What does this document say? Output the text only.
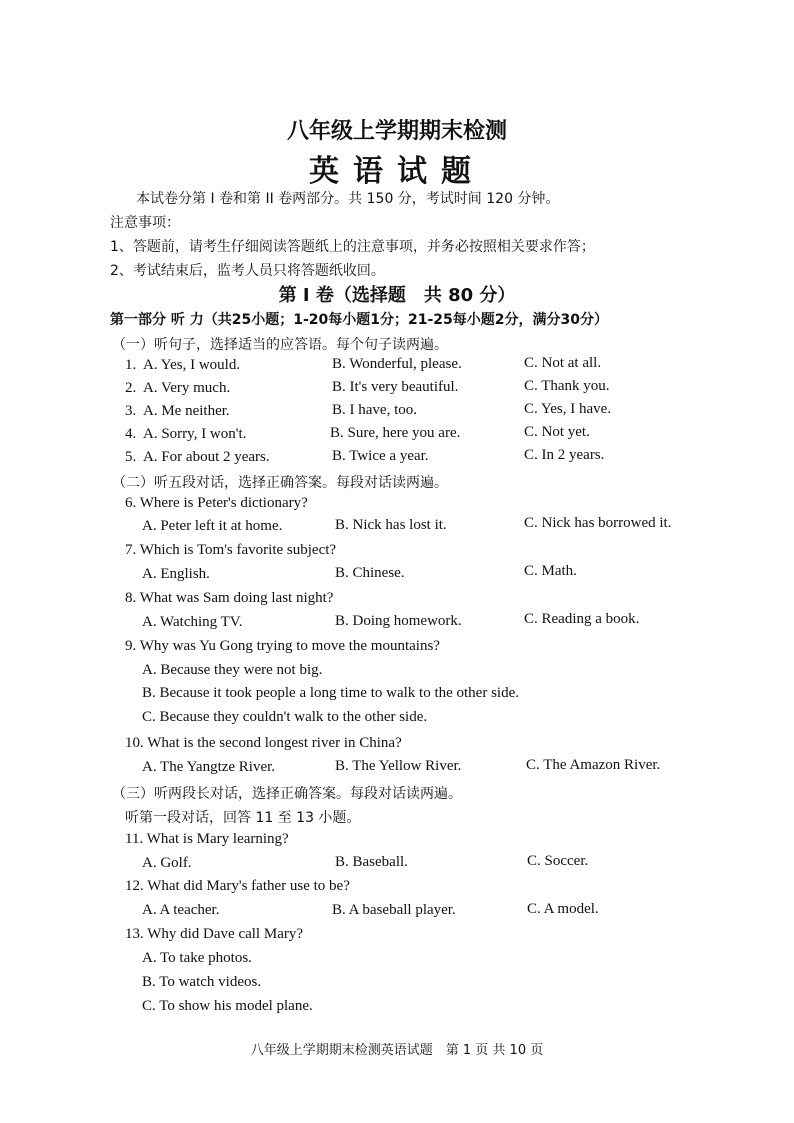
八年级上学期期末检测
英语试题
本试卷分第 I 卷和第 II 卷两部分。共 150 分，考试时间 120 分钟。
注意事项：
1、答题前，请考生仔细阅读答题纸上的注意事项，并务必按照相关要求作答；
2、考试结束后，监考人员只将答题纸收回。
第 I 卷（选择题　共 80 分）
第一部分 听 力（共25小题；1-20每小题1分；21-25每小题2分，满分30分）
（一）听句子，选择适当的应答语。每个句子读两遍。
1. A. Yes, I would.	B. Wonderful, please.	C. Not at all.
2. A. Very much.	B. It's very beautiful.	C. Thank you.
3. A. Me neither.	B. I have, too.	C. Yes, I have.
4. A. Sorry, I won't.	B. Sure, here you are.	C. Not yet.
5. A. For about 2 years.	B. Twice a year.	C. In 2 years.
（二）听五段对话，选择正确答案。每段对话读两遍。
6. Where is Peter's dictionary?
A. Peter left it at home.	B. Nick has lost it.	C. Nick has borrowed it.
7. Which is Tom's favorite subject?
A. English.	B. Chinese.	C. Math.
8. What was Sam doing last night?
A. Watching TV.	B. Doing homework.	C. Reading a book.
9. Why was Yu Gong trying to move the mountains?
A. Because they were not big.
B. Because it took people a long time to walk to the other side.
C. Because they couldn't walk to the other side.
10. What is the second longest river in China?
A. The Yangtze River.	B. The Yellow River.	C. The Amazon River.
（三）听两段长对话，选择正确答案。每段对话读两遍。
听第一段对话，回答 11 至 13 小题。
11. What is Mary learning?
A. Golf.	B. Baseball.	C. Soccer.
12. What did Mary's father use to be?
A. A teacher.	B. A baseball player.	C. A model.
13. Why did Dave call Mary?
A. To take photos.
B. To watch videos.
C. To show his model plane.
八年级上学期期末检测英语试题　第 1 页 共 10 页
